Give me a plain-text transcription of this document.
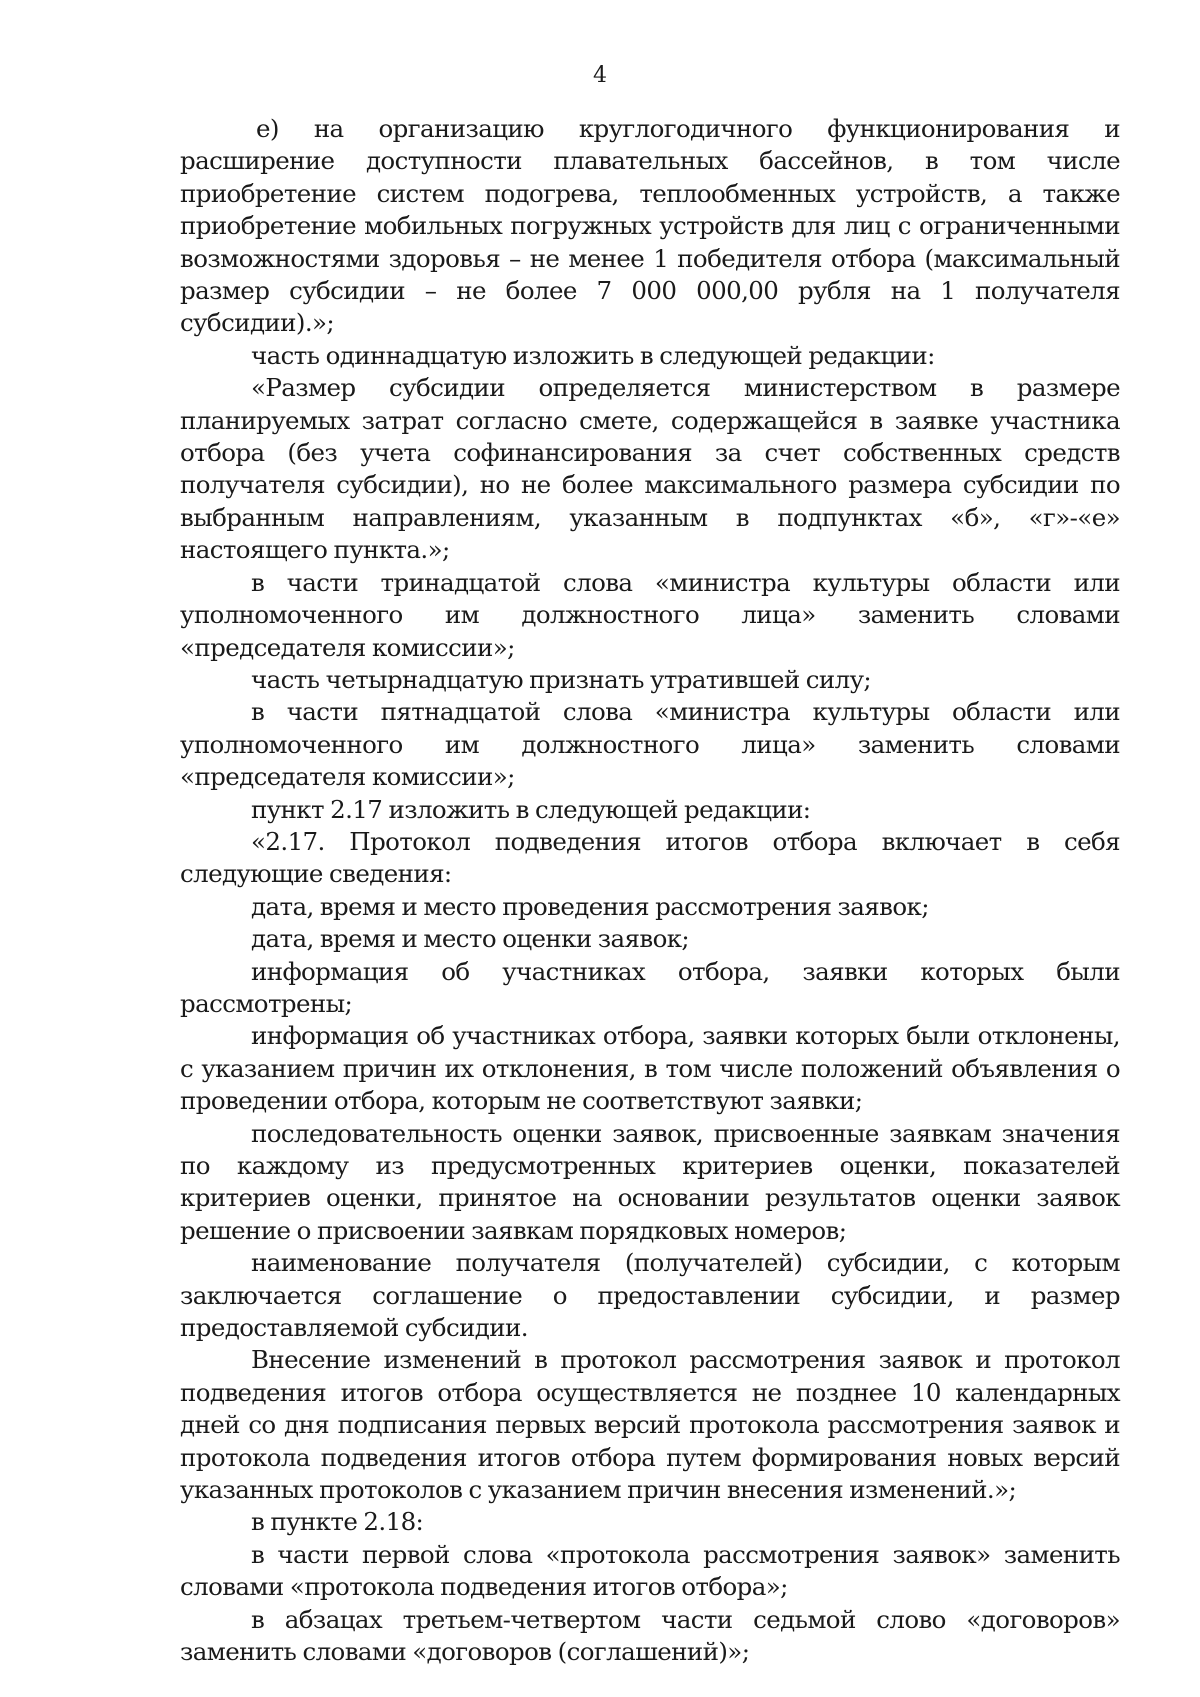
4

е) на организацию круглогодичного функционирования и расширение доступности плавательных бассейнов, в том числе приобретение систем подогрева, теплообменных устройств, а также приобретение мобильных погружных устройств для лиц с ограниченными возможностями здоровья – не менее 1 победителя отбора (максимальный размер субсидии – не более 7 000 000,00 рубля на 1 получателя субсидии).»;

часть одиннадцатую изложить в следующей редакции:

«Размер субсидии определяется министерством в размере планируемых затрат согласно смете, содержащейся в заявке участника отбора (без учета софинансирования за счет собственных средств получателя субсидии), но не более максимального размера субсидии по выбранным направлениям, указанным в подпунктах «б», «г»-«е» настоящего пункта.»;

в части тринадцатой слова «министра культуры области или уполномоченного им должностного лица» заменить словами «председателя комиссии»;

часть четырнадцатую признать утратившей силу;

в части пятнадцатой слова «министра культуры области или уполномоченного им должностного лица» заменить словами «председателя комиссии»;

пункт 2.17 изложить в следующей редакции:

«2.17. Протокол подведения итогов отбора включает в себя следующие сведения:

дата, время и место проведения рассмотрения заявок;

дата, время и место оценки заявок;

информация об участниках отбора, заявки которых были рассмотрены;

информация об участниках отбора, заявки которых были отклонены, с указанием причин их отклонения, в том числе положений объявления о проведении отбора, которым не соответствуют заявки;

последовательность оценки заявок, присвоенные заявкам значения по каждому из предусмотренных критериев оценки, показателей критериев оценки, принятое на основании результатов оценки заявок решение о присвоении заявкам порядковых номеров;

наименование получателя (получателей) субсидии, с которым заключается соглашение о предоставлении субсидии, и размер предоставляемой субсидии.

Внесение изменений в протокол рассмотрения заявок и протокол подведения итогов отбора осуществляется не позднее 10 календарных дней со дня подписания первых версий протокола рассмотрения заявок и протокола подведения итогов отбора путем формирования новых версий указанных протоколов с указанием причин внесения изменений.»;

в пункте 2.18:

в части первой слова «протокола рассмотрения заявок» заменить словами «протокола подведения итогов отбора»;

в абзацах третьем-четвертом части седьмой слово «договоров» заменить словами «договоров (соглашений)»;
